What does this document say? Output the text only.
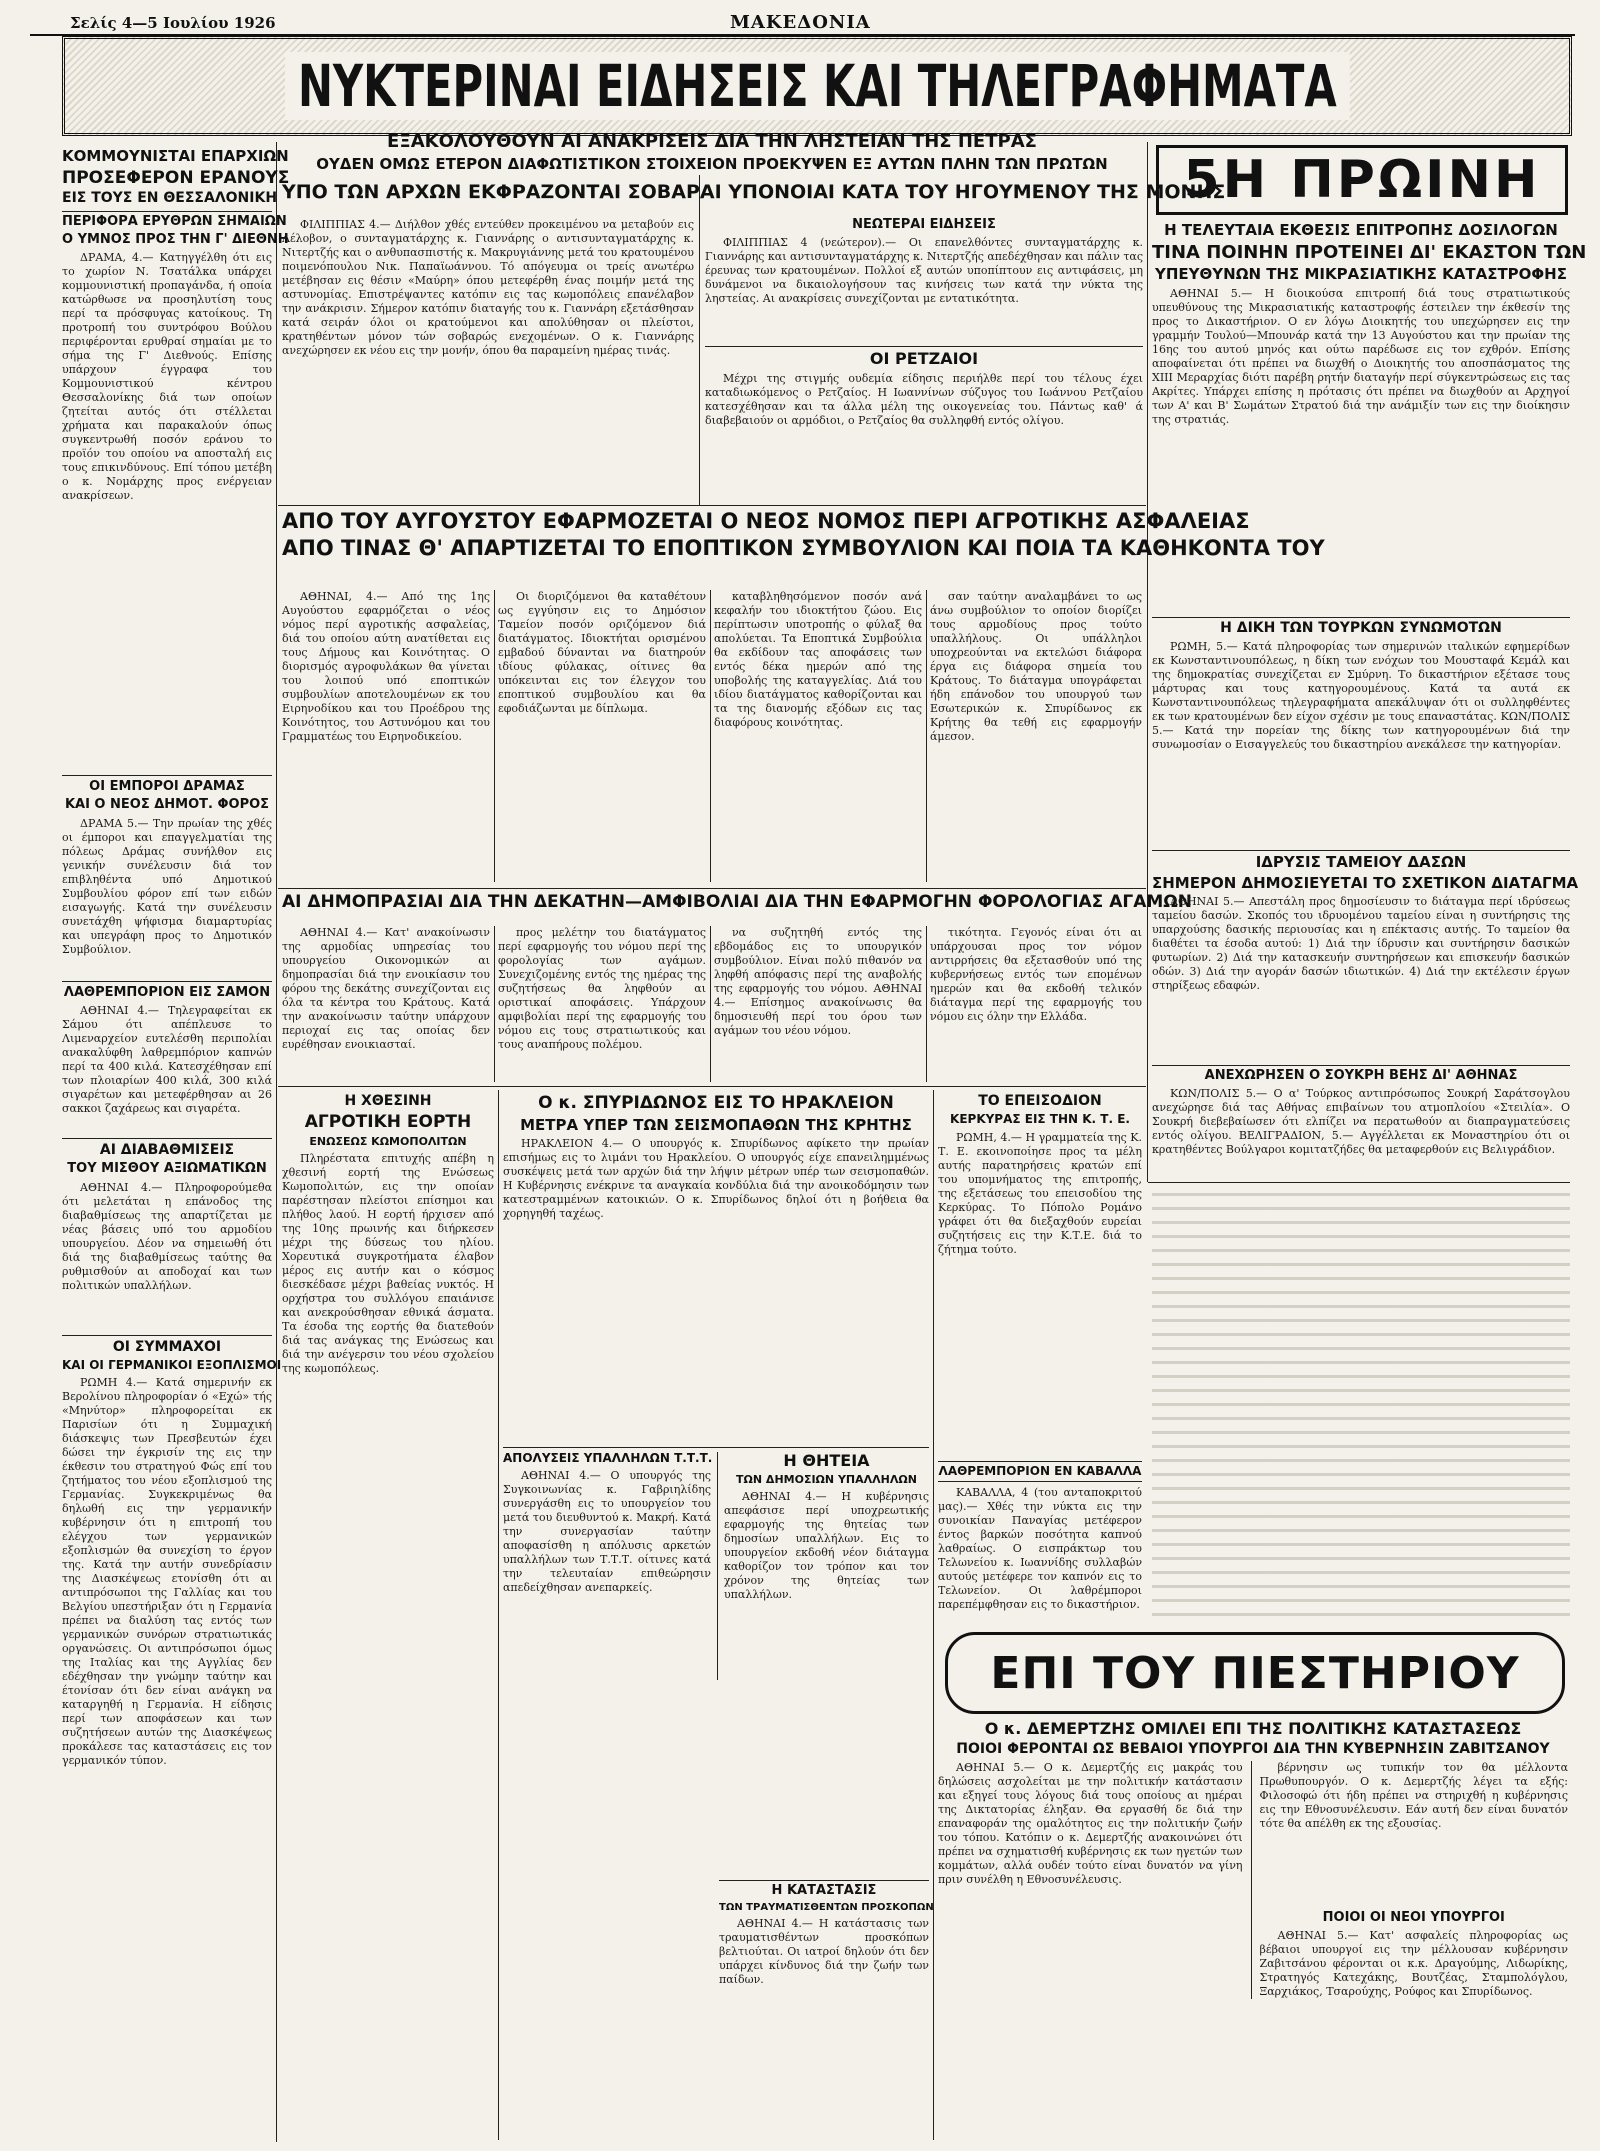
Σελίς 4—5 Ιουλίου 1926	ΜΑΚΕΔΟΝΙΑ
ΝΥΚΤΕΡΙΝΑΙ ΕΙΔΗΣΕΙΣ ΚΑΙ ΤΗΛΕΓΡΑΦΗΜΑΤΑ
ΚΟΜΜΟΥΝΙΣΤΑΙ ΕΠΑΡΧΙΩΝ
ΠΡΟΣΕΦΕΡΟΝ ΕΡΑΝΟΥΣ
ΕΙΣ ΤΟΥΣ ΕΝ ΘΕΣΣΑΛΟΝΙΚΗ
ΠΕΡΙΦΟΡΑ ΕΡΥΘΡΩΝ ΣΗΜΑΙΩΝ
Ο ΥΜΝΟΣ ΠΡΟΣ ΤΗΝ Γ' ΔΙΕΘΝΗ

ΔΡΑΜΑ, 4.— Κατηγγέλθη ότι εις το χωρίον Ν. Τσατάλκα υπάρχει κομμουνιστική προπαγάνδα, ή οποία κατώρθωσε να προσηλυτίση τους περί τα πρόσφυγας κατοίκους. Τη προτροπή του συντρόφου Βούλου περιφέρονται ερυθραί σημαίαι με το σήμα της Γ' Διεθνούς. Επίσης υπάρχουν έγγραφα του Κομμουνιστικού κέντρου Θεσσαλονίκης διά των οποίων ζητείται αυτός ότι στέλλεται χρήματα και παρακαλούν όπως συγκεντρωθή ποσόν εράνου το προϊόν του οποίου να αποσταλή εις τους επικινδύνους. Επί τόπου μετέβη ο κ. Νομάρχης προς ενέργειαν ανακρίσεων.

ΟΙ ΕΜΠΟΡΟΙ ΔΡΑΜΑΣ
ΚΑΙ Ο ΝΕΟΣ ΔΗΜΟΤ. ΦΟΡΟΣ

ΔΡΑΜΑ 5.— Την πρωίαν της χθές οι έμποροι και επαγγελματίαι της πόλεως Δράμας συνήλθον εις γενικήν συνέλευσιν διά τον επιβληθέντα υπό Δημοτικού Συμβουλίου φόρον επί των ειδών εισαγωγής. Κατά την συνέλευσιν συνετάχθη ψήφισμα διαμαρτυρίας και υπεγράφη προς το Δημοτικόν Συμβούλιον.

ΛΑΘΡΕΜΠΟΡΙΟΝ ΕΙΣ ΣΑΜΟΝ

ΑΘΗΝΑΙ 4.— Τηλεγραφείται εκ Σάμου ότι απέπλευσε το Λιμεναρχείον ευτελέσθη περιπολίαι ανακαλύφθη λαθρεμπόριον καπνών περί τα 400 κιλά. Κατεσχέθησαν επί των πλοιαρίων 400 κιλά, 300 κιλά σιγαρέτων και μετεφέρθησαν αι 26 σακκοι ζαχάρεως και σιγαρέτα.

ΑΙ ΔΙΑΒΑΘΜΙΣΕΙΣ
ΤΟΥ ΜΙΣΘΟΥ ΑΞΙΩΜΑΤΙΚΩΝ

ΑΘΗΝΑΙ 4.— Πληροφορούμεθα ότι μελετάται η επάνοδος της διαβαθμίσεως της απαρτίζεται με νέας βάσεις υπό του αρμοδίου υπουργείου. Δέον να σημειωθή ότι διά της διαβαθμίσεως ταύτης θα ρυθμισθούν αι αποδοχαί και των πολιτικών υπαλλήλων.

ΟΙ ΣΥΜΜΑΧΟΙ
ΚΑΙ ΟΙ ΓΕΡΜΑΝΙΚΟΙ ΕΞΟΠΛΙΣΜΟΙ

ΡΩΜΗ 4.— Κατά σημερινήν εκ Βερολίνου πληροφορίαν ό «Εχώ» τής «Μηνύτορ» πληροφορείται εκ Παρισίων ότι η Συμμαχική διάσκεψις των Πρεσβευτών έχει δώσει την έγκρισίν της εις την έκθεσιν του στρατηγού Φώς επί του ζητήματος του νέου εξοπλισμού της Γερμανίας. Συγκεκριμένως θα δηλωθή εις την γερμανικήν κυβέρνησιν ότι η επιτροπή του ελέγχου των γερμανικών εξοπλισμών θα συνεχίση το έργον της. Κατά την αυτήν συνεδρίασιν της Διασκέψεως ετονίσθη ότι αι αντιπρόσωποι της Γαλλίας και του Βελγίου υπεστήριξαν ότι η Γερμανία πρέπει να διαλύση τας εντός των γερμανικών συνόρων στρατιωτικάς οργανώσεις. Οι αντιπρόσωποι όμως της Ιταλίας και της Αγγλίας δεν εδέχθησαν την γνώμην ταύτην και έτονίσαν ότι δεν είναι ανάγκη να καταργηθή η Γερμανία. Η είδησις περί των αποφάσεων και των συζητήσεων αυτών της Διασκέψεως προκάλεσε τας καταστάσεις εις τον γερμανικόν τύπον.

ΕΞΑΚΟΛΟΥΘΟΥΝ ΑΙ ΑΝΑΚΡΙΣΕΙΣ ΔΙΑ ΤΗΝ ΛΗΣΤΕΙΑΝ ΤΗΣ ΠΕΤΡΑΣ
ΟΥΔΕΝ ΟΜΩΣ ΕΤΕΡΟΝ ΔΙΑΦΩΤΙΣΤΙΚΟΝ ΣΤΟΙΧΕΙΟΝ ΠΡΟΕΚΥΨΕΝ ΕΞ ΑΥΤΩΝ ΠΛΗΝ ΤΩΝ ΠΡΩΤΩΝ
ΥΠΟ ΤΩΝ ΑΡΧΩΝ ΕΚΦΡΑΖΟΝΤΑΙ ΣΟΒΑΡΑΙ ΥΠΟΝΟΙΑΙ ΚΑΤΑ ΤΟΥ ΗΓΟΥΜΕΝΟΥ ΤΗΣ ΜΟΝΗΣ

ΦΙΛΙΠΠΙΑΣ 4.— Διήλθον χθές εντεύθεν προκειμένου να μεταβούν εις Λέλοβον, ο συνταγματάρχης κ. Γιαννάρης ο αντισυνταγματάρχης κ. Νιτερτζής και ο ανθυπασπιστής κ. Μακρυγιάννης μετά του κρατουμένου ποιμενόπουλου Νικ. Παπαϊωάννου. Τό απόγευμα οι τρείς ανωτέρω μετέβησαν εις θέσιν «Μαύρη» όπου μετεφέρθη ένας ποιμήν μετά της αστυνομίας. Επιστρέψαντες κατόπιν εις τας κωμοπόλεις επανέλαβον την ανάκρισιν. Σήμερον κατόπιν διαταγής του κ. Γιαννάρη εξετάσθησαν κατά σειράν όλοι οι κρατούμενοι και απολύθησαν οι πλείστοι, κρατηθέντων μόνον τών σοβαρώς ενεχομένων. Ο κ. Γιαννάρης ανεχώρησεν εκ νέου εις την μονήν, όπου θα παραμείνη ημέρας τινάς.

ΝΕΩΤΕΡΑΙ ΕΙΔΗΣΕΙΣ

ΦΙΛΙΠΠΙΑΣ 4 (νεώτερον).— Οι επανελθόντες συνταγματάρχης κ. Γιαννάρης και αντισυνταγματάρχης κ. Νιτερτζής απεδέχθησαν και πάλιν τας έρευνας των κρατουμένων. Πολλοί εξ αυτών υποπίπτουν εις αντιφάσεις, μη δυνάμενοι να δικαιολογήσουν τας κινήσεις των κατά την νύκτα της ληστείας. Αι ανακρίσεις συνεχίζονται με εντατικότητα.

ΟΙ ΡΕΤΖΑΙΟΙ

Μέχρι της στιγμής ουδεμία είδησις περιήλθε περί του τέλους έχει καταδιωκόμενος ο Ρετζαίος. Η Ιωαννίνων σύζυγος του Ιωάννου Ρετζαίου κατεσχέθησαν και τα άλλα μέλη της οικογενείας του. Πάντως καθ' ά διαβεβαιούν οι αρμόδιοι, ο Ρετζαίος θα συλληφθή εντός ολίγου.

ΑΠΟ ΤΟΥ ΑΥΓΟΥΣΤΟΥ ΕΦΑΡΜΟΖΕΤΑΙ Ο ΝΕΟΣ ΝΟΜΟΣ ΠΕΡΙ ΑΓΡΟΤΙΚΗΣ ΑΣΦΑΛΕΙΑΣ
ΑΠΟ ΤΙΝΑΣ Θ' ΑΠΑΡΤΙΖΕΤΑΙ ΤΟ ΕΠΟΠΤΙΚΟΝ ΣΥΜΒΟΥΛΙΟΝ ΚΑΙ ΠΟΙΑ ΤΑ ΚΑΘΗΚΟΝΤΑ ΤΟΥ

ΑΘΗΝΑΙ, 4.— Από της 1ης Αυγούστου εφαρμόζεται ο νέος νόμος περί αγροτικής ασφαλείας, διά του οποίου αύτη ανατίθεται εις τους Δήμους και Κοινότητας. Ο διορισμός αγροφυλάκων θα γίνεται του λοιπού υπό εποπτικών συμβουλίων αποτελουμένων εκ του Ειρηνοδίκου και του Προέδρου της Κοινότητος, του Αστυνόμου και του Γραμματέως του Ειρηνοδικείου.

Οι διοριζόμενοι θα καταθέτουν ως εγγύησιν εις το Δημόσιον Ταμείον ποσόν οριζόμενον διά διατάγματος. Ιδιοκτήται ορισμένου εμβαδού δύνανται να διατηρούν ιδίους φύλακας, οίτινες θα υπόκεινται εις τον έλεγχον του εποπτικού συμβουλίου και θα εφοδιάζωνται με δίπλωμα.

καταβληθησόμενον ποσόν ανά κεφαλήν του ιδιοκτήτου ζώου. Εις περίπτωσιν υποτροπής ο φύλαξ θα απολύεται. Τα Εποπτικά Συμβούλια θα εκδίδουν τας αποφάσεις των εντός δέκα ημερών από της υποβολής της καταγγελίας. Διά του ιδίου διατάγματος καθορίζονται και τα της διανομής εξόδων εις τας διαφόρους κοινότητας.

σαν ταύτην αναλαμβάνει το ως άνω συμβούλιον το οποίον διορίζει τους αρμοδίους προς τούτο υπαλλήλους. Οι υπάλληλοι υποχρεούνται να εκτελώσι διάφορα έργα εις διάφορα σημεία του Κράτους. Το διάταγμα υπογράφεται ήδη επάνοδον του υπουργού των Εσωτερικών κ. Σπυρίδωνος εκ Κρήτης θα τεθή εις εφαρμογήν άμεσον.

ΑΙ ΔΗΜΟΠΡΑΣΙΑΙ ΔΙΑ ΤΗΝ ΔΕΚΑΤΗΝ—ΑΜΦΙΒΟΛΙΑΙ ΔΙΑ ΤΗΝ ΕΦΑΡΜΟΓΗΝ ΦΟΡΟΛΟΓΙΑΣ ΑΓΑΜΩΝ

ΑΘΗΝΑΙ 4.— Κατ' ανακοίνωσιν της αρμοδίας υπηρεσίας του υπουργείου Οικονομικών αι δημοπρασίαι διά την ενοικίασιν του φόρου της δεκάτης συνεχίζονται εις όλα τα κέντρα του Κράτους. Κατά την ανακοίνωσιν ταύτην υπάρχουν περιοχαί εις τας οποίας δεν ευρέθησαν ενοικιασταί.

προς μελέτην του διατάγματος περί εφαρμογής του νόμου περί της φορολογίας των αγάμων. Συνεχιζομένης εντός της ημέρας της συζητήσεως θα ληφθούν αι οριστικαί αποφάσεις. Υπάρχουν αμφιβολίαι περί της εφαρμογής του νόμου εις τους στρατιωτικούς και τους αναπήρους πολέμου.

να συζητηθή εντός της εβδομάδος εις το υπουργικόν συμβούλιον. Είναι πολύ πιθανόν να ληφθή απόφασις περί της αναβολής της εφαρμογής του νόμου. ΑΘΗΝΑΙ 4.— Επίσημος ανακοίνωσις θα δημοσιευθή περί του όρου των αγάμων του νέου νόμου.

τικότητα. Γεγονός είναι ότι αι υπάρχουσαι προς τον νόμον αντιρρήσεις θα εξετασθούν υπό της κυβερνήσεως εντός των επομένων ημερών και θα εκδοθή τελικόν διάταγμα περί της εφαρμογής του νόμου εις όλην την Ελλάδα.

Η ΧΘΕΣΙΝΗ
ΑΓΡΟΤΙΚΗ ΕΟΡΤΗ
ΕΝΩΣΕΩΣ ΚΩΜΟΠΟΛΙΤΩΝ

Πληρέστατα επιτυχής απέβη η χθεσινή εορτή της Ενώσεως Κωμοπολιτών, εις την οποίαν παρέστησαν πλείστοι επίσημοι και πλήθος λαού. Η εορτή ήρχισεν από της 10ης πρωινής και διήρκεσεν μέχρι της δύσεως του ηλίου. Χορευτικά συγκροτήματα έλαβον μέρος εις αυτήν και ο κόσμος διεσκέδασε μέχρι βαθείας νυκτός. Η ορχήστρα του συλλόγου επαιάνισε και ανεκρούσθησαν εθνικά άσματα. Τα έσοδα της εορτής θα διατεθούν διά τας ανάγκας της Ενώσεως και διά την ανέγερσιν του νέου σχολείου της κωμοπόλεως.

Ο κ. ΣΠΥΡΙΔΩΝΟΣ ΕΙΣ ΤΟ ΗΡΑΚΛΕΙΟΝ
ΜΕΤΡΑ ΥΠΕΡ ΤΩΝ ΣΕΙΣΜΟΠΑΘΩΝ ΤΗΣ ΚΡΗΤΗΣ

ΗΡΑΚΛΕΙΟΝ 4.— Ο υπουργός κ. Σπυρίδωνος αφίκετο την πρωίαν επισήμως εις το λιμάνι του Ηρακλείου. Ο υπουργός είχε επανειλημμένως συσκέψεις μετά των αρχών διά την λήψιν μέτρων υπέρ των σεισμοπαθών. Η Κυβέρνησις ενέκρινε τα αναγκαία κονδύλια διά την ανοικοδόμησιν των κατεστραμμένων κατοικιών. Ο κ. Σπυρίδωνος δηλοί ότι η βοήθεια θα χορηγηθή ταχέως.

ΑΠΟΛΥΣΕΙΣ ΥΠΑΛΛΗΛΩΝ Τ.Τ.Τ.

ΑΘΗΝΑΙ 4.— Ο υπουργός της Συγκοινωνίας κ. Γαβριηλίδης συνεργάσθη εις το υπουργείον του μετά του διευθυντού κ. Μακρή. Κατά την συνεργασίαν ταύτην αποφασίσθη η απόλυσις αρκετών υπαλλήλων των Τ.Τ.Τ. οίτινες κατά την τελευταίαν επιθεώρησιν απεδείχθησαν ανεπαρκείς.

Η ΘΗΤΕΙΑ
ΤΩΝ ΔΗΜΟΣΙΩΝ ΥΠΑΛΛΗΛΩΝ

ΑΘΗΝΑΙ 4.— Η κυβέρνησις απεφάσισε περί υποχρεωτικής εφαρμογής της θητείας των δημοσίων υπαλλήλων. Εις το υπουργείον εκδοθή νέον διάταγμα καθορίζον τον τρόπον και τον χρόνον της θητείας των υπαλλήλων.

Η ΚΑΤΑΣΤΑΣΙΣ
ΤΩΝ ΤΡΑΥΜΑΤΙΣΘΕΝΤΩΝ ΠΡΟΣΚΟΠΩΝ

ΑΘΗΝΑΙ 4.— Η κατάστασις των τραυματισθέντων προσκόπων βελτιούται. Οι ιατροί δηλούν ότι δεν υπάρχει κίνδυνος διά την ζωήν των παίδων.

ΤΟ ΕΠΕΙΣΟΔΙΟΝ
ΚΕΡΚΥΡΑΣ ΕΙΣ ΤΗΝ Κ. Τ. Ε.

ΡΩΜΗ, 4.— Η γραμματεία της Κ. Τ. Ε. εκοινοποίησε προς τα μέλη αυτής παρατηρήσεις κρατών επί του υπομνήματος της επιτροπής, της εξετάσεως του επεισοδίου της Κερκύρας. Το Πόπολο Ρομάνο γράφει ότι θα διεξαχθούν ευρείαι συζητήσεις εις την Κ.Τ.Ε. διά το ζήτημα τούτο.

ΛΑΘΡΕΜΠΟΡΙΟΝ ΕΝ ΚΑΒΑΛΛΑ

ΚΑΒΑΛΛΑ, 4 (του ανταποκριτού μας).— Χθές την νύκτα εις την συνοικίαν Παναγίας μετέφερον έντος βαρκών ποσότητα καπνού λαθραίως. Ο εισπράκτωρ του Τελωνείου κ. Ιωαννίδης συλλαβών αυτούς μετέφερε τον καπνόν εις το Τελωνείον. Οι λαθρέμποροι παρεπέμφθησαν εις το δικαστήριον.

5Η ΠΡΩΙΝΗ
Η ΤΕΛΕΥΤΑΙΑ ΕΚΘΕΣΙΣ ΕΠΙΤΡΟΠΗΣ ΔΟΣΙΛΟΓΩΝ
ΤΙΝΑ ΠΟΙΝΗΝ ΠΡΟΤΕΙΝΕΙ ΔΙ' ΕΚΑΣΤΟΝ ΤΩΝ
ΥΠΕΥΘΥΝΩΝ ΤΗΣ ΜΙΚΡΑΣΙΑΤΙΚΗΣ ΚΑΤΑΣΤΡΟΦΗΣ

ΑΘΗΝΑΙ 5.— Η διοικούσα επιτροπή διά τους στρατιωτικούς υπευθύνους της Μικρασιατικής καταστροφής έστειλεν την έκθεσίν της προς το Δικαστήριον. Ο εν λόγω Διοικητής του υπεχώρησεν εις την γραμμήν Τουλού—Μπουνάρ κατά την 13 Αυγούστου και την πρωίαν της 16ης του αυτού μηνός και ούτω παρέδωσε εις τον εχθρόν. Επίσης αποφαίνεται ότι πρέπει να διωχθή ο Διοικητής του αποσπάσματος της ΧΙΙΙ Μεραρχίας διότι παρέβη ρητήν διαταγήν περί σύγκεντρώσεως εις τας Ακρίτες. Υπάρχει επίσης η πρότασις ότι πρέπει να διωχθούν αι Αρχηγοί των Α' και Β' Σωμάτων Στρατού διά την ανάμιξίν των εις την διοίκησιν της στρατιάς.

Η ΔΙΚΗ ΤΩΝ ΤΟΥΡΚΩΝ ΣΥΝΩΜΟΤΩΝ

ΡΩΜΗ, 5.— Κατά πληροφορίας των σημερινών ιταλικών εφημερίδων εκ Κωνσταντινουπόλεως, η δίκη των ενόχων του Μουσταφά Κεμάλ και της δημοκρατίας συνεχίζεται εν Σμύρνη. Το δικαστήριον εξέτασε τους μάρτυρας και τους κατηγορουμένους. Κατά τα αυτά εκ Κωνσταντινουπόλεως τηλεγραφήματα απεκάλυψαν ότι οι συλληφθέντες εκ των κρατουμένων δεν είχον σχέσιν με τους επαναστάτας. ΚΩΝ/ΠΟΛΙΣ 5.— Κατά την πορείαν της δίκης των κατηγορουμένων διά την συνωμοσίαν ο Εισαγγελεύς του δικαστηρίου ανεκάλεσε την κατηγορίαν.

ΙΔΡΥΣΙΣ ΤΑΜΕΙΟΥ ΔΑΣΩΝ
ΣΗΜΕΡΟΝ ΔΗΜΟΣΙΕΥΕΤΑΙ ΤΟ ΣΧΕΤΙΚΟΝ ΔΙΑΤΑΓΜΑ

ΑΘΗΝΑΙ 5.— Απεστάλη προς δημοσίευσιν το διάταγμα περί ιδρύσεως ταμείου δασών. Σκοπός του ιδρυομένου ταμείου είναι η συντήρησις της υπαρχούσης δασικής περιουσίας και η επέκτασις αυτής. Το ταμείον θα διαθέτει τα έσοδα αυτού: 1) Διά την ίδρυσιν και συντήρησιν δασικών φυτωρίων. 2) Διά την κατασκευήν συντηρήσεων και επισκευήν δασικών οδών. 3) Διά την αγοράν δασών ιδιωτικών. 4) Διά την εκτέλεσιν έργων στηρίξεως εδαφών.

ΑΝΕΧΩΡΗΣΕΝ Ο ΣΟΥΚΡΗ ΒΕΗΣ ΔΙ' ΑΘΗΝΑΣ

ΚΩΝ/ΠΟΛΙΣ 5.— Ο α' Τούρκος αντιπρόσωπος Σουκρή Σαράτσογλου ανεχώρησε διά τας Αθήνας επιβαίνων του ατμοπλοίου «Στειλία». Ο Σουκρή διεβεβαίωσεν ότι ελπίζει να περατωθούν αι διαπραγματεύσεις εντός ολίγου. ΒΕΛΙΓΡΑΔΙΟΝ, 5.— Αγγέλλεται εκ Μοναστηρίου ότι οι κρατηθέντες Βούλγαροι κομιτατζήδες θα μεταφερθούν εις Βελιγράδιον.

ΕΠΙ ΤΟΥ ΠΙΕΣΤΗΡΙΟΥ
Ο κ. ΔΕΜΕΡΤΖΗΣ ΟΜΙΛΕΙ ΕΠΙ ΤΗΣ ΠΟΛΙΤΙΚΗΣ ΚΑΤΑΣΤΑΣΕΩΣ
ΠΟΙΟΙ ΦΕΡΟΝΤΑΙ ΩΣ ΒΕΒΑΙΟΙ ΥΠΟΥΡΓΟΙ ΔΙΑ ΤΗΝ ΚΥΒΕΡΝΗΣΙΝ ΖΑΒΙΤΣΑΝΟΥ

ΑΘΗΝΑΙ 5.— Ο κ. Δεμερτζής εις μακράς του δηλώσεις ασχολείται με την πολιτικήν κατάστασιν και εξηγεί τους λόγους διά τους οποίους αι ημέραι της Δικτατορίας έληξαν. Θα εργασθή δε διά την επαναφοράν της ομαλότητος εις την πολιτικήν ζωήν του τόπου. Κατόπιν ο κ. Δεμερτζής ανακοινώνει ότι πρέπει να σχηματισθή κυβέρνησις εκ των ηγετών των κομμάτων, αλλά ουδέν τούτο είναι δυνατόν να γίνη πριν συνέλθη η Εθνοσυνέλευσις.

βέρνησιν ως τυπικήν τον θα μέλλοντα Πρωθυπουργόν. Ο κ. Δεμερτζής λέγει τα εξής: Φιλοσοφώ ότι ήδη πρέπει να στηριχθή η κυβέρνησις εις την Εθνοσυνέλευσιν. Εάν αυτή δεν είναι δυνατόν τότε θα απέλθη εκ της εξουσίας.

ΠΟΙΟΙ ΟΙ ΝΕΟΙ ΥΠΟΥΡΓΟΙ

ΑΘΗΝΑΙ 5.— Κατ' ασφαλείς πληροφορίας ως βέβαιοι υπουργοί εις την μέλλουσαν κυβέρνησιν Ζαβιτσάνου φέρονται οι κ.κ. Δραγούμης, Λιδωρίκης, Στρατηγός Κατεχάκης, Βουτζέας, Σταμπολόγλου, Ξαρχιάκος, Τσαρούχης, Ρούφος και Σπυρίδωνος.
